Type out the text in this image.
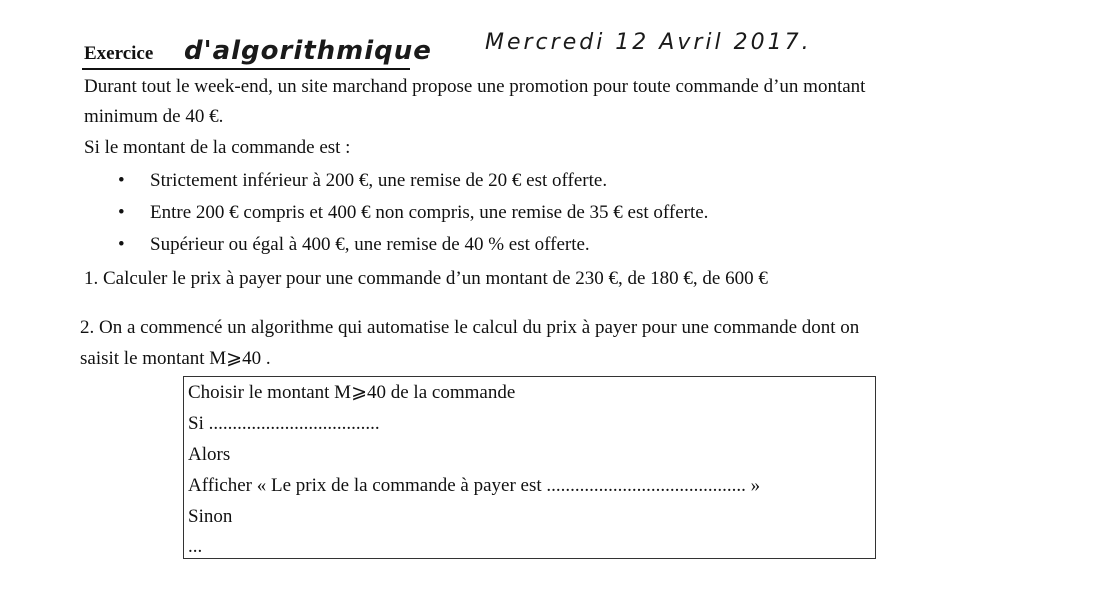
Exercice d'algorithmique Mercredi 12 Avril 2017.
Durant tout le week-end, un site marchand propose une promotion pour toute commande d’un montant
minimum de 40 €.
Si le montant de la commande est :
• Strictement inférieur à 200 €, une remise de 20 € est offerte.
• Entre 200 € compris et 400 € non compris, une remise de 35 € est offerte.
• Supérieur ou égal à 400 €, une remise de 40 % est offerte.
1. Calculer le prix à payer pour une commande d’un montant de 230 €, de 180 €, de 600 €
2. On a commencé un algorithme qui automatise le calcul du prix à payer pour une commande dont on
saisit le montant M⩾40 .
Choisir le montant M⩾40 de la commande
Si ....................................
Alors
Afficher « Le prix de la commande à payer est .......................................... »
Sinon
...
